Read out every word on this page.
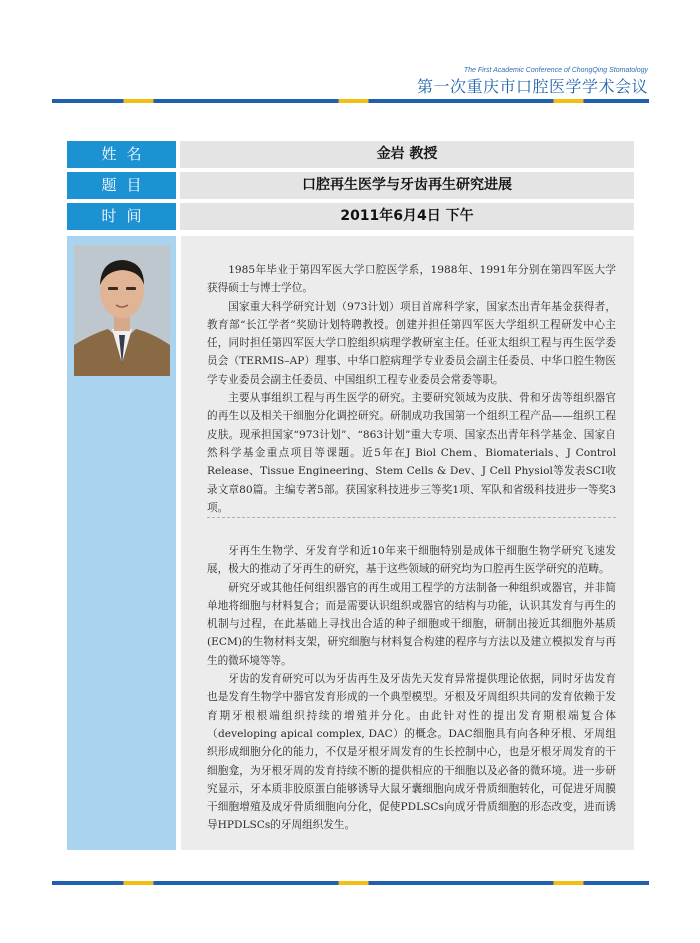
The First Academic Conference of ChongQing Stomatology
第一次重庆市口腔医学学术会议
姓名	金岩 教授
题目	口腔再生医学与牙齿再生研究进展
时间	2011年6月4日 下午

1985年毕业于第四军医大学口腔医学系，1988年、1991年分别在第四军医大学获得硕士与博士学位。

国家重大科学研究计划（973计划）项目首席科学家，国家杰出青年基金获得者，教育部“长江学者”奖励计划特聘教授。创建并担任第四军医大学组织工程研发中心主任，同时担任第四军医大学口腔组织病理学教研室主任。任亚太组织工程与再生医学委员会（TERMIS–AP）理事、中华口腔病理学专业委员会副主任委员、中华口腔生物医学专业委员会副主任委员、中国组织工程专业委员会常委等职。

主要从事组织工程与再生医学的研究。主要研究领域为皮肤、骨和牙齿等组织器官的再生以及相关干细胞分化调控研究。研制成功我国第一个组织工程产品——组织工程皮肤。现承担国家“973计划”、“863计划”重大专项、国家杰出青年科学基金、国家自然科学基金重点项目等课题。近5年在J Biol Chem、Biomaterials、J Control Release、Tissue Engineering、Stem Cells & Dev、J Cell Physiol等发表SCI收录文章80篇。主编专著5部。获国家科技进步三等奖1项、军队和省级科技进步一等奖3项。

牙再生生物学、牙发育学和近10年来干细胞特别是成体干细胞生物学研究飞速发展，极大的推动了牙再生的研究，基于这些领域的研究均为口腔再生医学研究的范畴。

研究牙或其他任何组织器官的再生或用工程学的方法制备一种组织或器官，并非简单地将细胞与材料复合；而是需要认识组织或器官的结构与功能，认识其发育与再生的机制与过程，在此基础上寻找出合适的种子细胞或干细胞，研制出接近其细胞外基质(ECM)的生物材料支架，研究细胞与材料复合构建的程序与方法以及建立模拟发育与再生的微环境等等。

牙齿的发育研究可以为牙齿再生及牙齿先天发育异常提供理论依据，同时牙齿发育也是发育生物学中器官发育形成的一个典型模型。牙根及牙周组织共同的发育依赖于发育期牙根根端组织持续的增殖并分化。由此针对性的提出发育期根端复合体（developing apical complex, DAC）的概念。DAC细胞具有向各种牙根、牙周组织形成细胞分化的能力，不仅是牙根牙周发育的生长控制中心，也是牙根牙周发育的干细胞龛，为牙根牙周的发育持续不断的提供相应的干细胞以及必备的微环境。进一步研究显示，牙本质非胶原蛋白能够诱导大鼠牙囊细胞向成牙骨质细胞转化，可促进牙周膜干细胞增殖及成牙骨质细胞向分化，促使PDLSCs向成牙骨质细胞的形态改变，进而诱导HPDLSCs的牙周组织发生。
